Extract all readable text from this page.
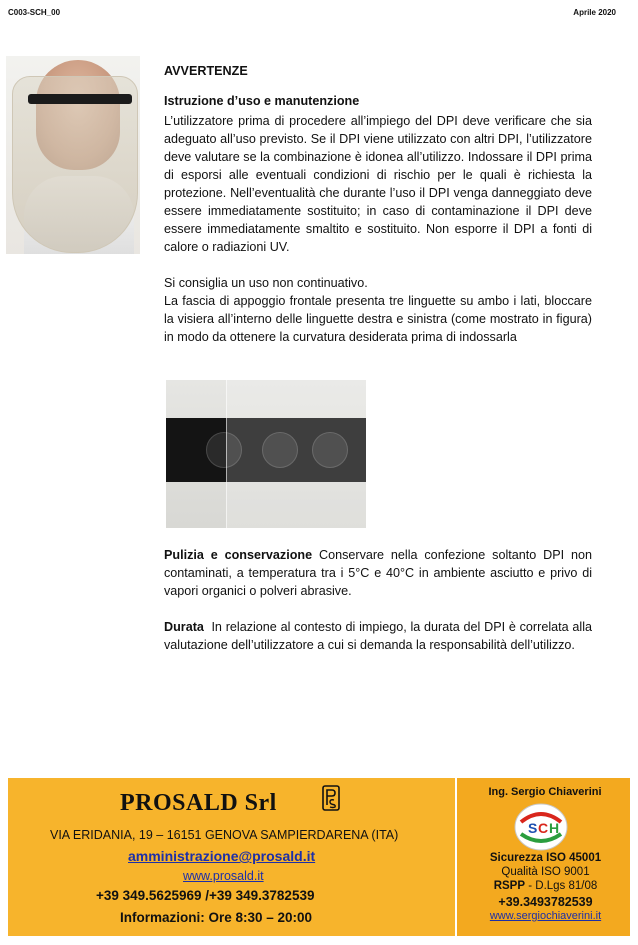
C003-SCH_00	Aprile 2020
AVVERTENZE
Istruzione d’uso e manutenzione

L’utilizzatore prima di procedere all’impiego del DPI deve verificare che sia adeguato all’uso previsto. Se il DPI viene utilizzato con altri DPI, l’utilizzatore deve valutare se la combinazione è idonea all’utilizzo. Indossare il DPI prima di esporsi alle eventuali condizioni di rischio per le quali è richiesta la protezione. Nell’eventualità che durante l’uso il DPI venga danneggiato deve essere immediatamente sostituito; in caso di contaminazione il DPI deve essere immediatamente smaltito e sostituito. Non esporre il DPI a fonti di calore o radiazioni UV.

Si consiglia un uso non continuativo.

La fascia di appoggio frontale presenta tre linguette su ambo i lati, bloccare la visiera all’interno delle linguette destra e sinistra (come mostrato in figura) in modo da ottenere la curvatura desiderata prima di indossarla

Pulizia e conservazione Conservare nella confezione soltanto DPI non contaminati, a temperatura tra i 5°C e 40°C in ambiente asciutto e privo di vapori organici o polveri abrasive.

Durata In relazione al contesto di impiego, la durata del DPI è correlata alla valutazione dell’utilizzatore a cui si demanda la responsabilità dell’utilizzo.

PROSALD Srl
VIA ERIDANIA, 19 – 16151 GENOVA SAMPIERDARENA (ITA)
amministrazione@prosald.it
www.prosald.it
+39 349.5625969 /+39 349.3782539
Informazioni: Ore 8:30 – 20:00
Ing. Sergio Chiaverini
S C H
Sicurezza ISO 45001
Qualità ISO 9001
RSPP - D.Lgs 81/08
+39.3493782539
www.sergiochiaverini.it
